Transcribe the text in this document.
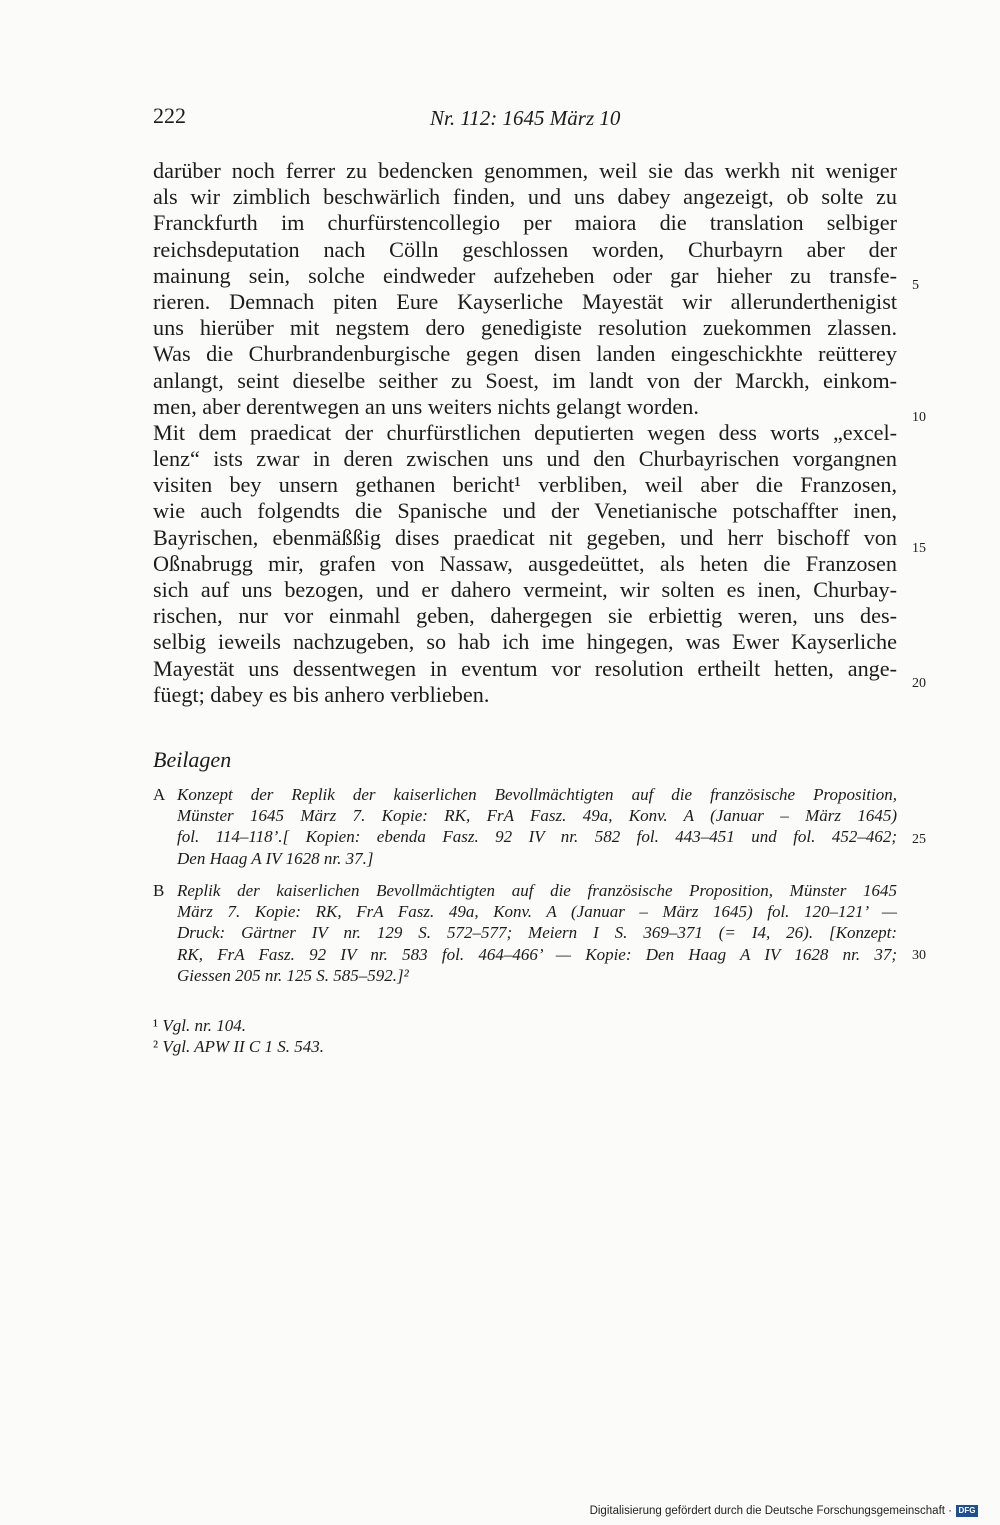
222	Nr. 112: 1645 März 10
darüber noch ferrer zu bedencken genommen, weil sie das werkh nit weniger
als wir zimblich beschwärlich finden, und uns dabey angezeigt, ob solte zu
Franckfurth im churfürstencollegio per maiora die translation selbiger
reichsdeputation nach Cölln geschlossen worden, Churbayrn aber der
mainung sein, solche eindweder aufzeheben oder gar hieher zu transfe-
rieren. Demnach piten Eure Kayserliche Mayestät wir allerunderthenigist
uns hierüber mit negstem dero genedigiste resolution zuekommen zlassen.
Was die Churbrandenburgische gegen disen landen eingeschickhte reütterey
anlangt, seint dieselbe seither zu Soest, im landt von der Marckh, einkom-
men, aber derentwegen an uns weiters nichts gelangt worden.
Mit dem praedicat der churfürstlichen deputierten wegen dess worts „excel-
lenz“ ists zwar in deren zwischen uns und den Churbayrischen vorgangnen
visiten bey unsern gethanen bericht¹ verbliben, weil aber die Franzosen,
wie auch folgendts die Spanische und der Venetianische potschaffter inen,
Bayrischen, ebenmäßßig dises praedicat nit gegeben, und herr bischoff von
Oßnabrugg mir, grafen von Nassaw, ausgedeüttet, als heten die Franzosen
sich auf uns bezogen, und er dahero vermeint, wir solten es inen, Churbay-
rischen, nur vor einmahl geben, dahergegen sie erbiettig weren, uns des-
selbig ieweils nachzugeben, so hab ich ime hingegen, was Ewer Kayserliche
Mayestät uns dessentwegen in eventum vor resolution ertheilt hetten, ange-
füegt; dabey es bis anhero verblieben.
5
10
15
20
25
30
Beilagen
A Konzept der Replik der kaiserlichen Bevollmächtigten auf die französische Proposition,
Münster 1645 März 7. Kopie: RK, FrA Fasz. 49a, Konv. A (Januar – März 1645)
fol. 114–118’.[ Kopien: ebenda Fasz. 92 IV nr. 582 fol. 443–451 und fol. 452–462;
Den Haag A IV 1628 nr. 37.]
B Replik der kaiserlichen Bevollmächtigten auf die französische Proposition, Münster 1645
März 7. Kopie: RK, FrA Fasz. 49a, Konv. A (Januar – März 1645) fol. 120–121’ —
Druck: Gärtner IV nr. 129 S. 572–577; Meiern I S. 369–371 (= I4, 26). [Konzept:
RK, FrA Fasz. 92 IV nr. 583 fol. 464–466’ — Kopie: Den Haag A IV 1628 nr. 37;
Giessen 205 nr. 125 S. 585–592.]²
¹ Vgl. nr. 104.
² Vgl. APW II C 1 S. 543.
Digitalisierung gefördert durch die Deutsche Forschungsgemeinschaft · DFG
